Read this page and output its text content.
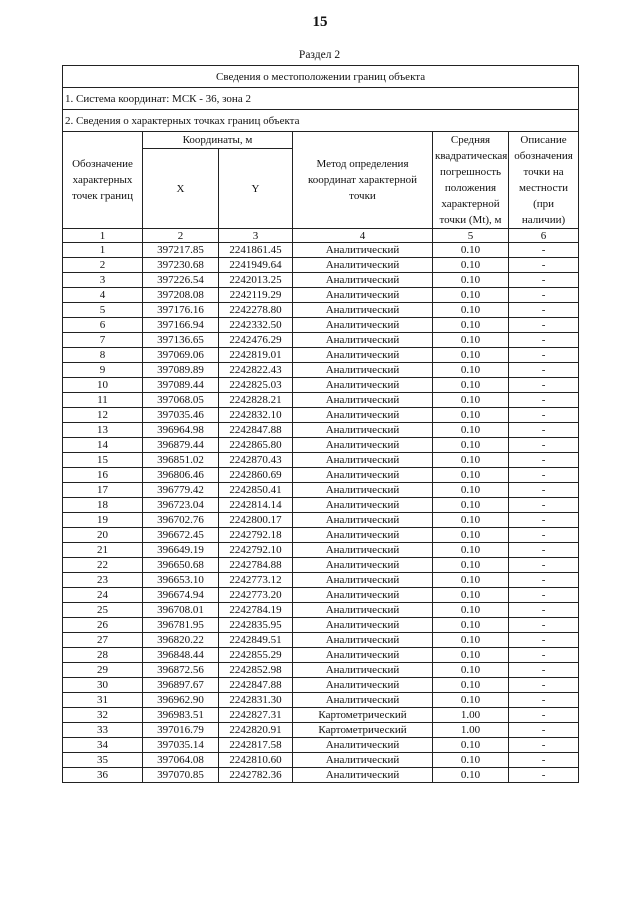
15
Раздел 2
Сведения о местоположении границ объекта					
1. Система координат: МСК - 36, зона 2					
2. Сведения о характерных точках границ объекта					
Обозначение характерных точек границ	Координаты, м		Метод определения координат характерной точки	Средняя квадратическая погрешность положения характерной точки (Mt), м	Описание обозначения точки на местности (при наличии)
	X	Y			
1	2	3	4	5	6
1	397217.85	2241861.45	Аналитический	0.10	-
2	397230.68	2241949.64	Аналитический	0.10	-
3	397226.54	2242013.25	Аналитический	0.10	-
4	397208.08	2242119.29	Аналитический	0.10	-
5	397176.16	2242278.80	Аналитический	0.10	-
6	397166.94	2242332.50	Аналитический	0.10	-
7	397136.65	2242476.29	Аналитический	0.10	-
8	397069.06	2242819.01	Аналитический	0.10	-
9	397089.89	2242822.43	Аналитический	0.10	-
10	397089.44	2242825.03	Аналитический	0.10	-
11	397068.05	2242828.21	Аналитический	0.10	-
12	397035.46	2242832.10	Аналитический	0.10	-
13	396964.98	2242847.88	Аналитический	0.10	-
14	396879.44	2242865.80	Аналитический	0.10	-
15	396851.02	2242870.43	Аналитический	0.10	-
16	396806.46	2242860.69	Аналитический	0.10	-
17	396779.42	2242850.41	Аналитический	0.10	-
18	396723.04	2242814.14	Аналитический	0.10	-
19	396702.76	2242800.17	Аналитический	0.10	-
20	396672.45	2242792.18	Аналитический	0.10	-
21	396649.19	2242792.10	Аналитический	0.10	-
22	396650.68	2242784.88	Аналитический	0.10	-
23	396653.10	2242773.12	Аналитический	0.10	-
24	396674.94	2242773.20	Аналитический	0.10	-
25	396708.01	2242784.19	Аналитический	0.10	-
26	396781.95	2242835.95	Аналитический	0.10	-
27	396820.22	2242849.51	Аналитический	0.10	-
28	396848.44	2242855.29	Аналитический	0.10	-
29	396872.56	2242852.98	Аналитический	0.10	-
30	396897.67	2242847.88	Аналитический	0.10	-
31	396962.90	2242831.30	Аналитический	0.10	-
32	396983.51	2242827.31	Картометрический	1.00	-
33	397016.79	2242820.91	Картометрический	1.00	-
34	397035.14	2242817.58	Аналитический	0.10	-
35	397064.08	2242810.60	Аналитический	0.10	-
36	397070.85	2242782.36	Аналитический	0.10	-
